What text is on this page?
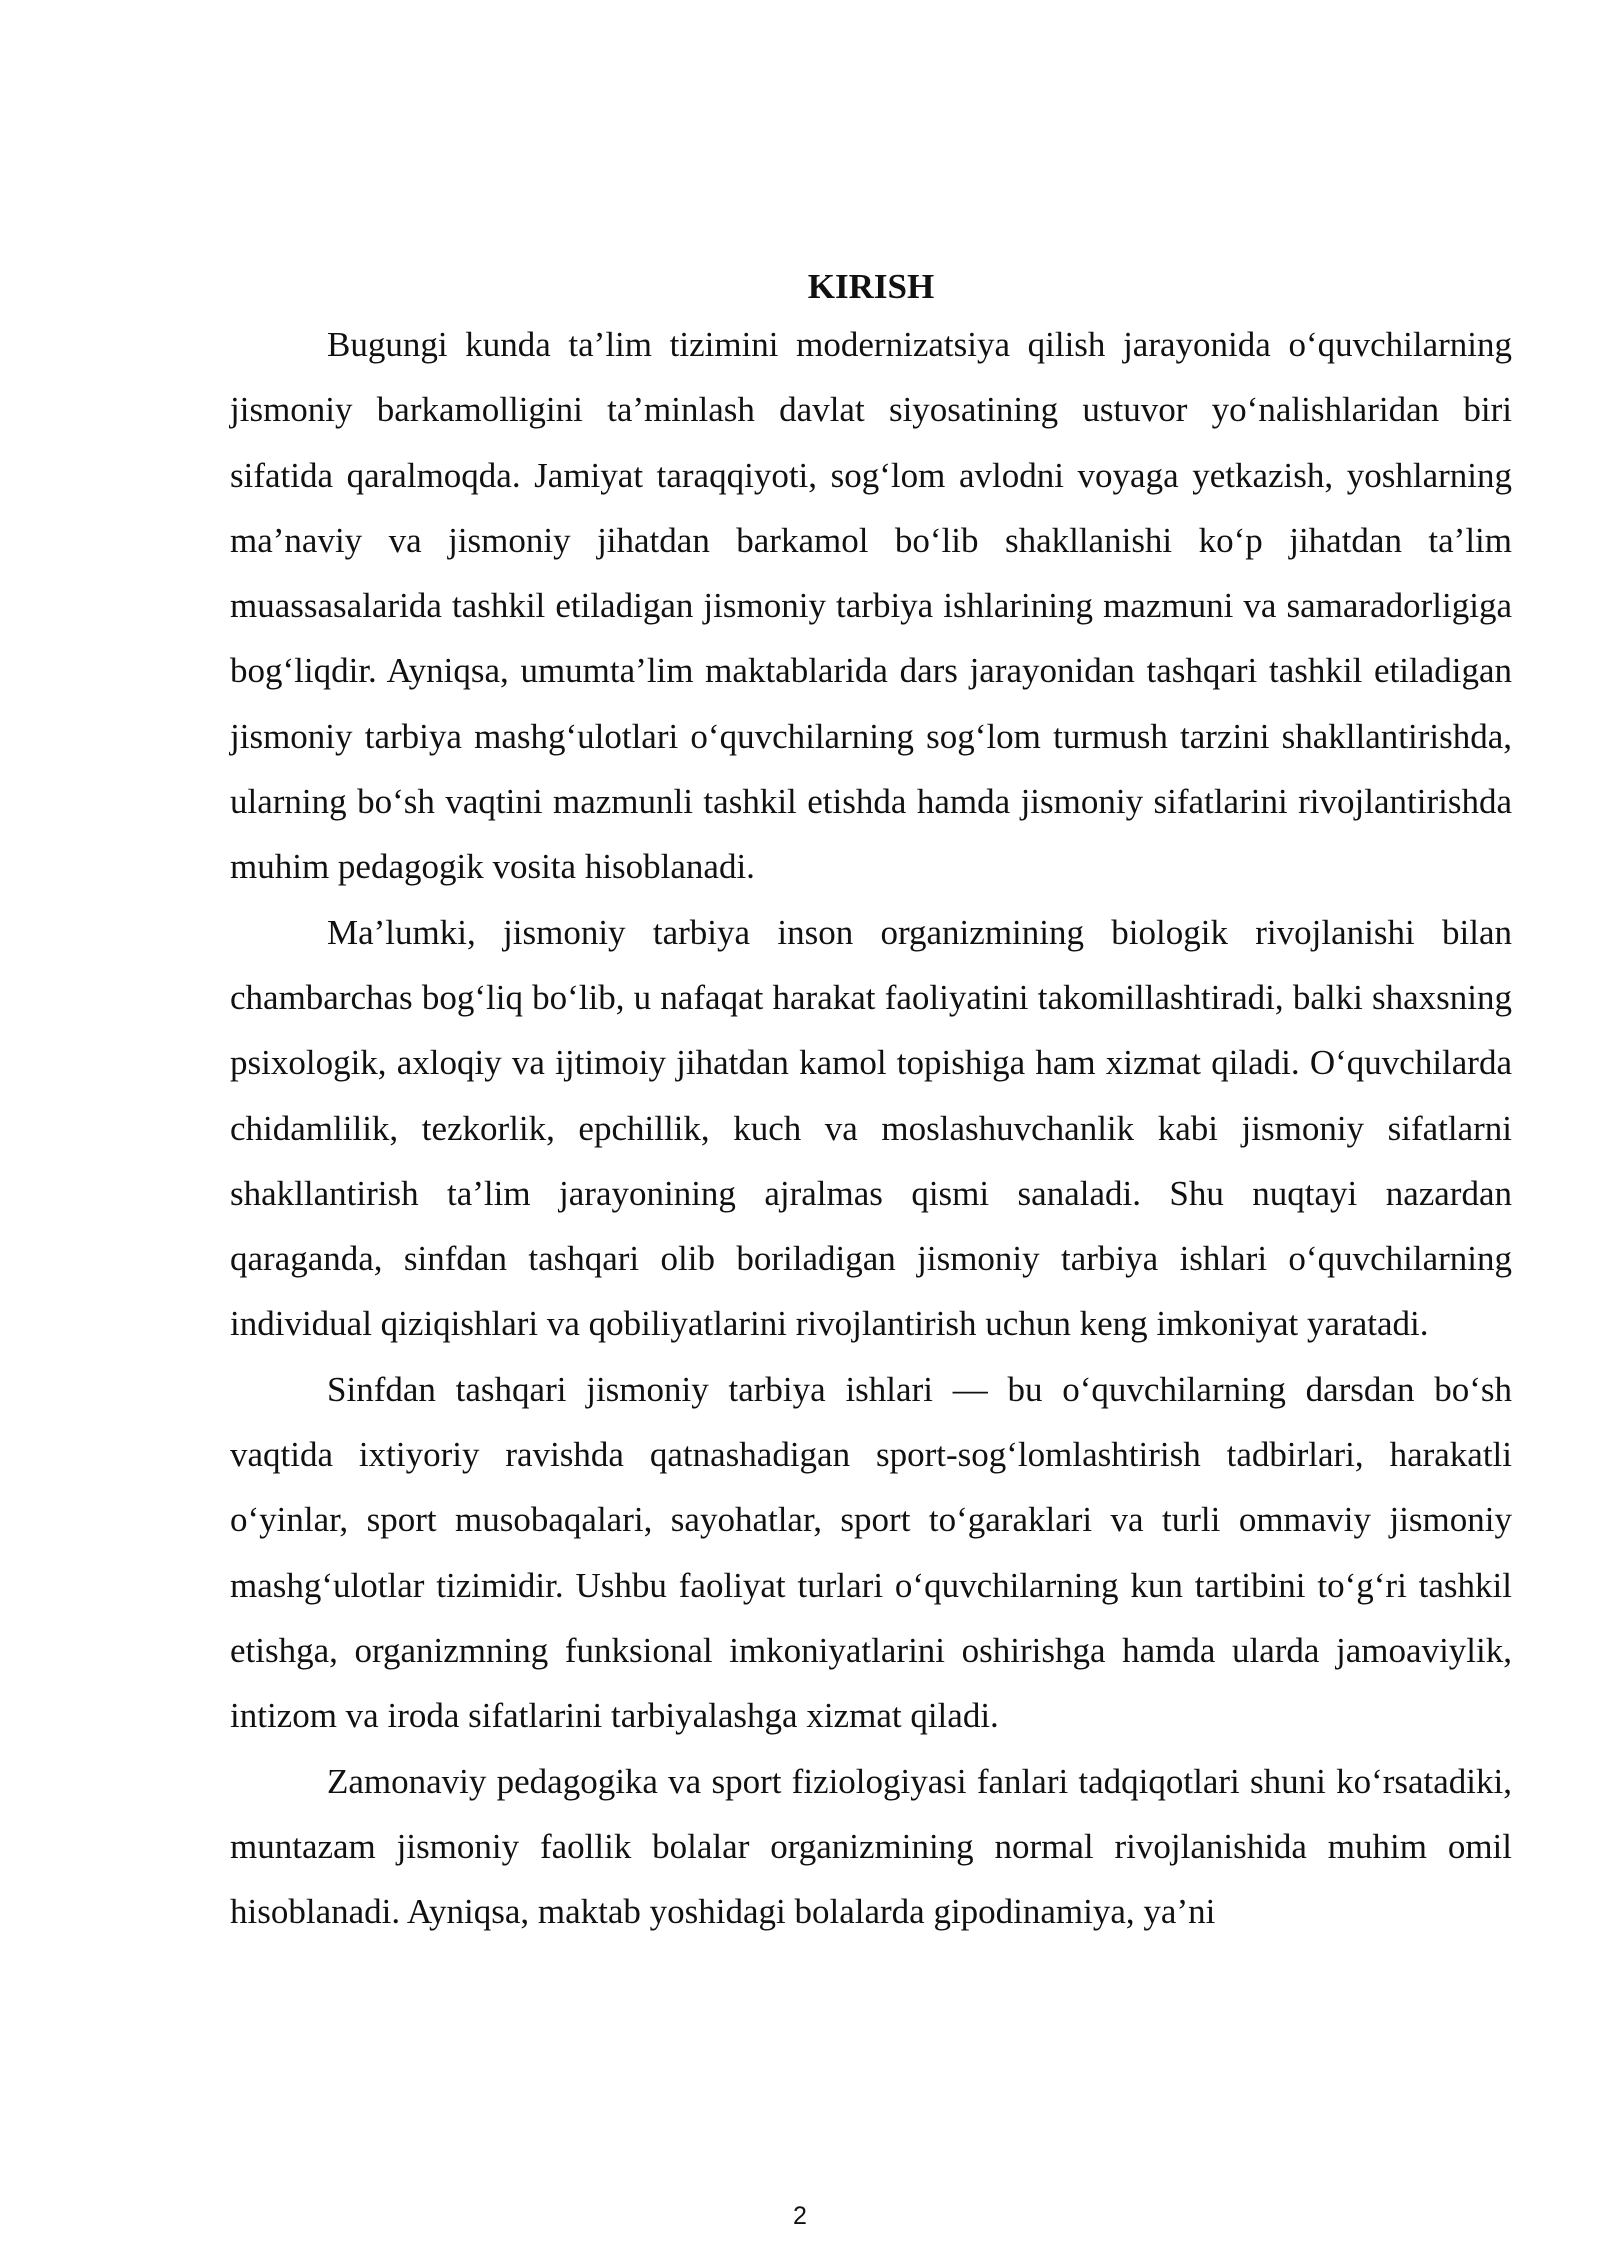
KIRISH

Bugungi kunda ta’lim tizimini modernizatsiya qilish jarayonida o‘quvchilarning jismoniy barkamolligini ta’minlash davlat siyosatining ustuvor yo‘nalishlaridan biri sifatida qaralmoqda. Jamiyat taraqqiyoti, sog‘lom avlodni voyaga yetkazish, yoshlarning ma’naviy va jismoniy jihatdan barkamol bo‘lib shakllanishi ko‘p jihatdan ta’lim muassasalarida tashkil etiladigan jismoniy tarbiya ishlarining mazmuni va samaradorligiga bog‘liqdir. Ayniqsa, umumta’lim maktablarida dars jarayonidan tashqari tashkil etiladigan jismoniy tarbiya mashg‘ulotlari o‘quvchilarning sog‘lom turmush tarzini shakllantirishda, ularning bo‘sh vaqtini mazmunli tashkil etishda hamda jismoniy sifatlarini rivojlantirishda muhim pedagogik vosita hisoblanadi.

Ma’lumki, jismoniy tarbiya inson organizmining biologik rivojlanishi bilan chambarchas bog‘liq bo‘lib, u nafaqat harakat faoliyatini takomillashtiradi, balki shaxsning psixologik, axloqiy va ijtimoiy jihatdan kamol topishiga ham xizmat qiladi. O‘quvchilarda chidamlilik, tezkorlik, epchillik, kuch va moslashuvchanlik kabi jismoniy sifatlarni shakllantirish ta’lim jarayonining ajralmas qismi sanaladi. Shu nuqtayi nazardan qaraganda, sinfdan tashqari olib boriladigan jismoniy tarbiya ishlari o‘quvchilarning individual qiziqishlari va qobiliyatlarini rivojlantirish uchun keng imkoniyat yaratadi.

Sinfdan tashqari jismoniy tarbiya ishlari — bu o‘quvchilarning darsdan bo‘sh vaqtida ixtiyoriy ravishda qatnashadigan sport-sog‘lomlashtirish tadbirlari, harakatli o‘yinlar, sport musobaqalari, sayohatlar, sport to‘garaklari va turli ommaviy jismoniy mashg‘ulotlar tizimidir. Ushbu faoliyat turlari o‘quvchilarning kun tartibini to‘g‘ri tashkil etishga, organizmning funksional imkoniyatlarini oshirishga hamda ularda jamoaviylik, intizom va iroda sifatlarini tarbiyalashga xizmat qiladi.

Zamonaviy pedagogika va sport fiziologiyasi fanlari tadqiqotlari shuni ko‘rsatadiki, muntazam jismoniy faollik bolalar organizmining normal rivojlanishida muhim omil hisoblanadi. Ayniqsa, maktab yoshidagi bolalarda gipodinamiya, ya’ni

2
